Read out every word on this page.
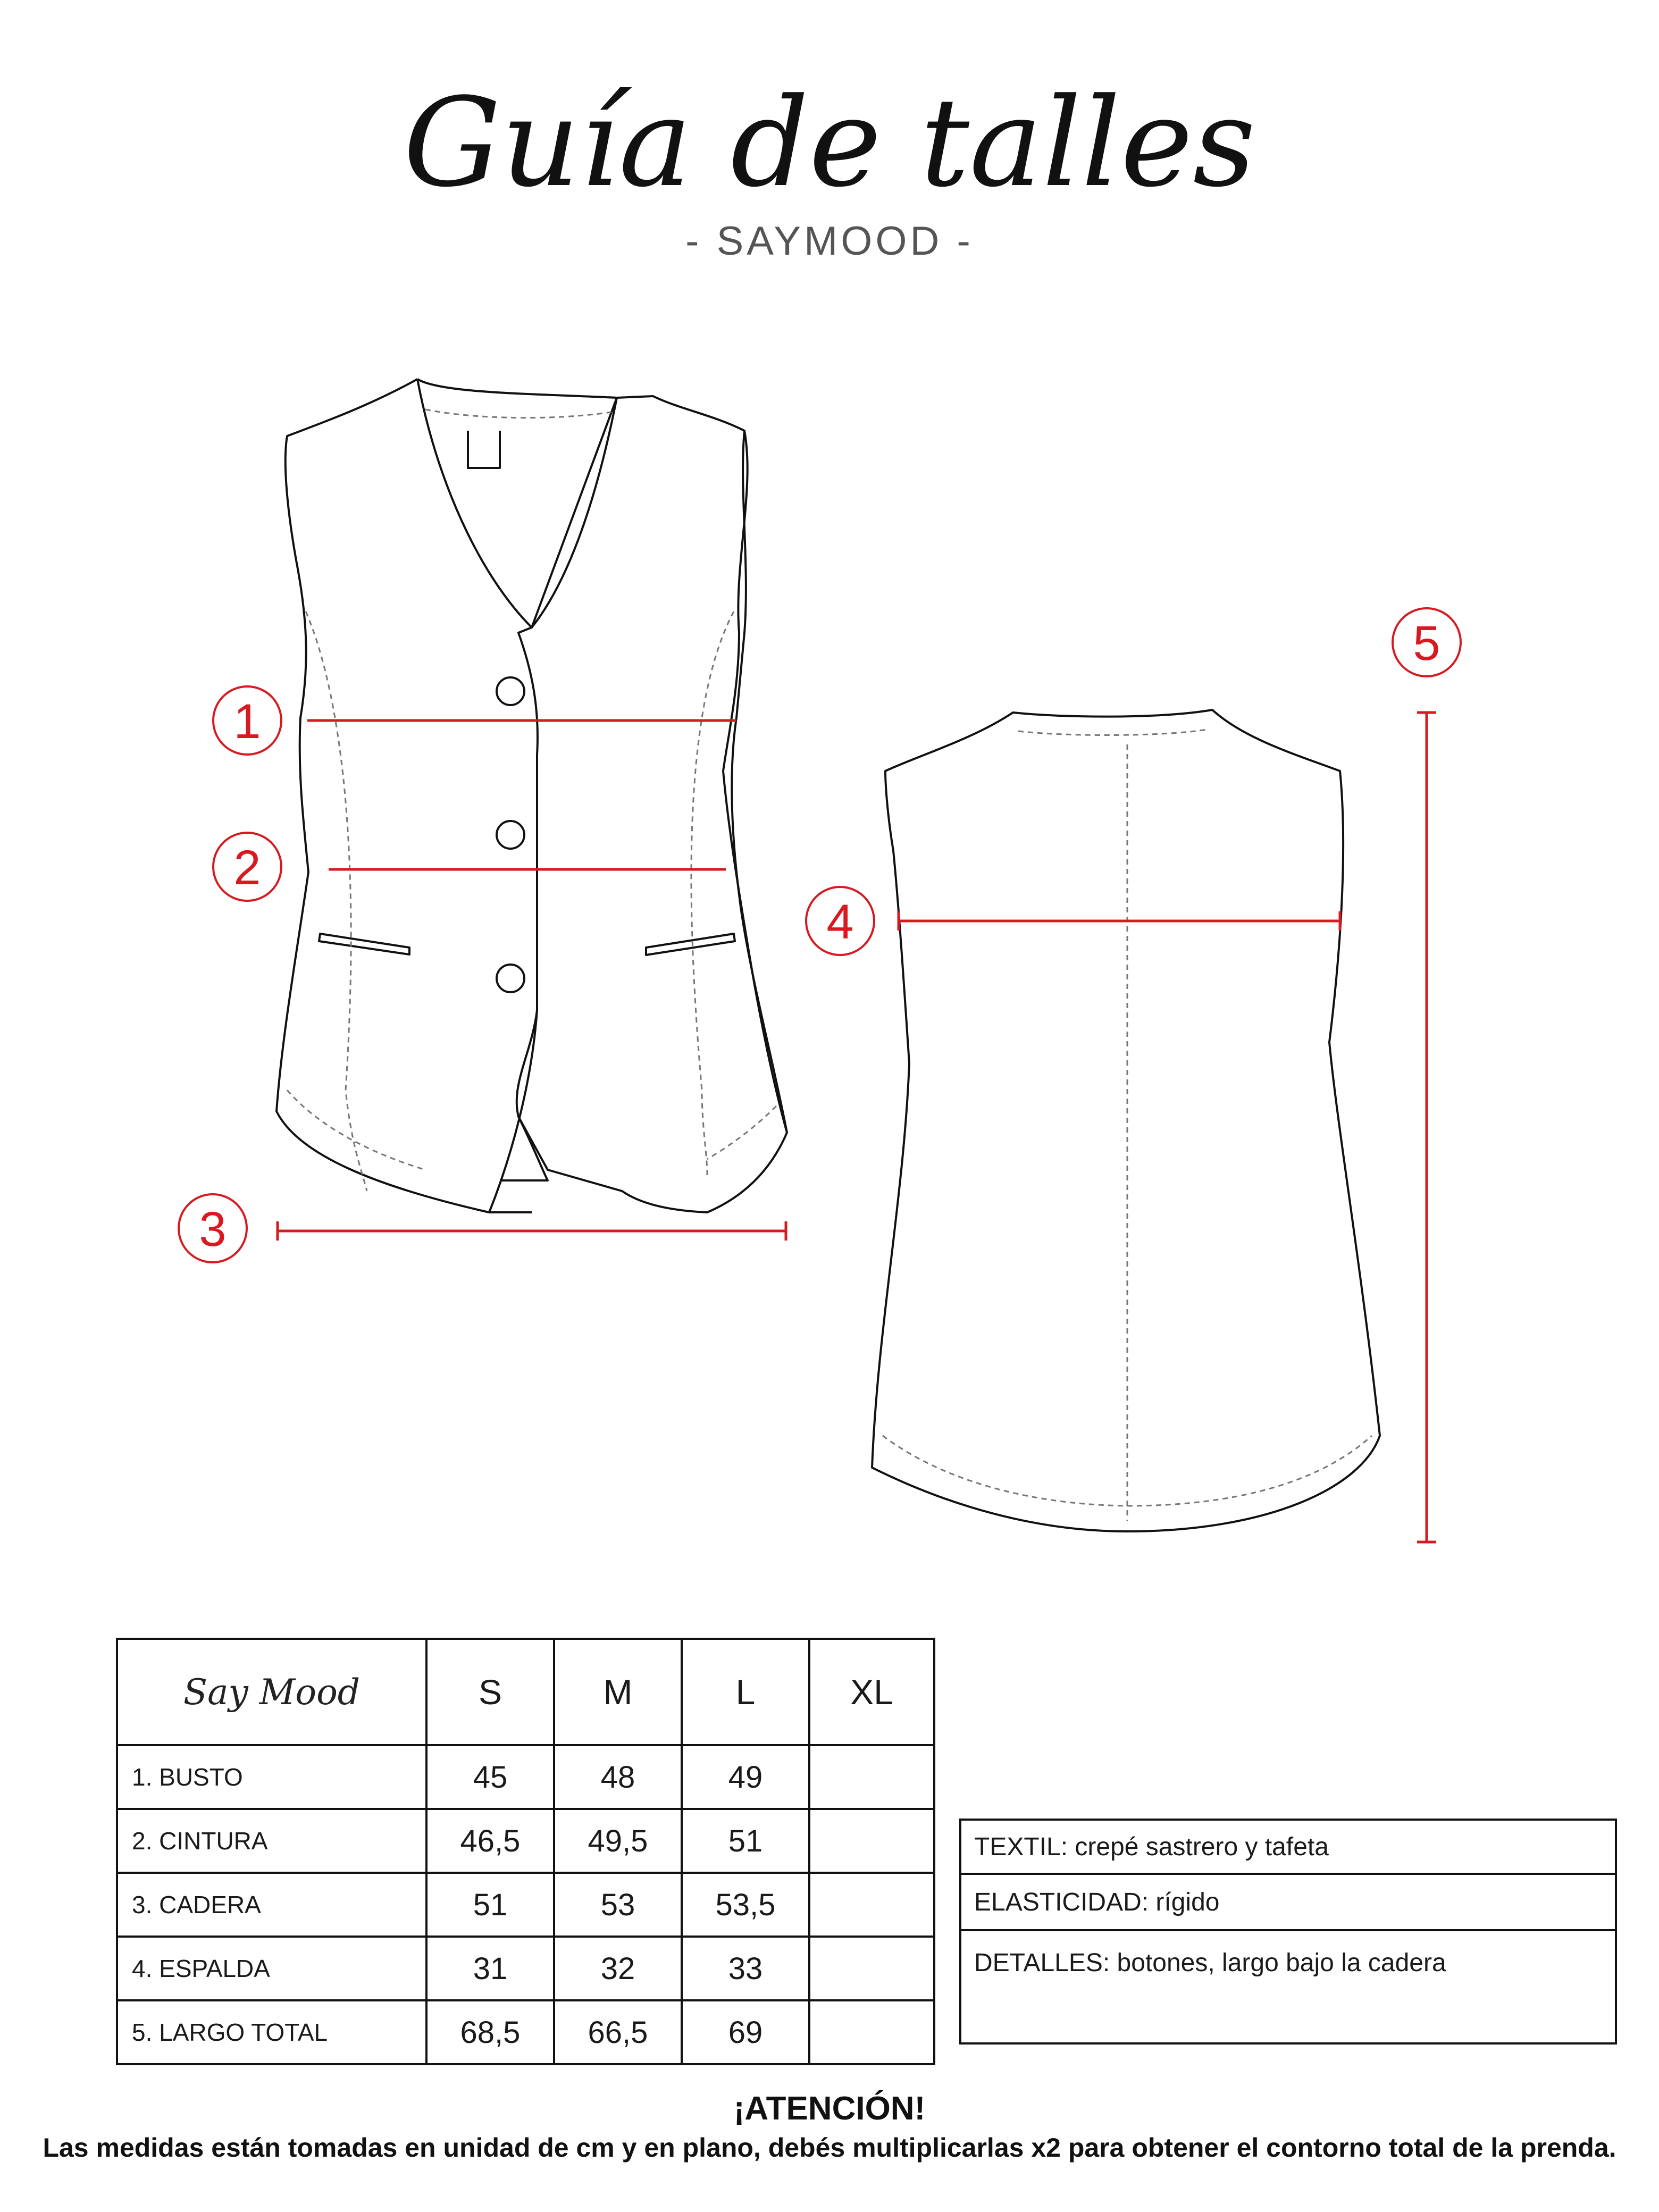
Guía de talles
- SAYMOOD -
1
2
3
4
5
Say Mood	S	M	L	XL
1. BUSTO	45	48	49	
2. CINTURA	46,5	49,5	51	
3. CADERA	51	53	53,5	
4. ESPALDA	31	32	33	
5. LARGO TOTAL	68,5	66,5	69	
TEXTIL: crepé sastrero y tafeta
ELASTICIDAD: rígido
DETALLES: botones, largo bajo la cadera
¡ATENCIÓN!
Las medidas están tomadas en unidad de cm y en plano, debés multiplicarlas x2 para obtener el contorno total de la prenda.
